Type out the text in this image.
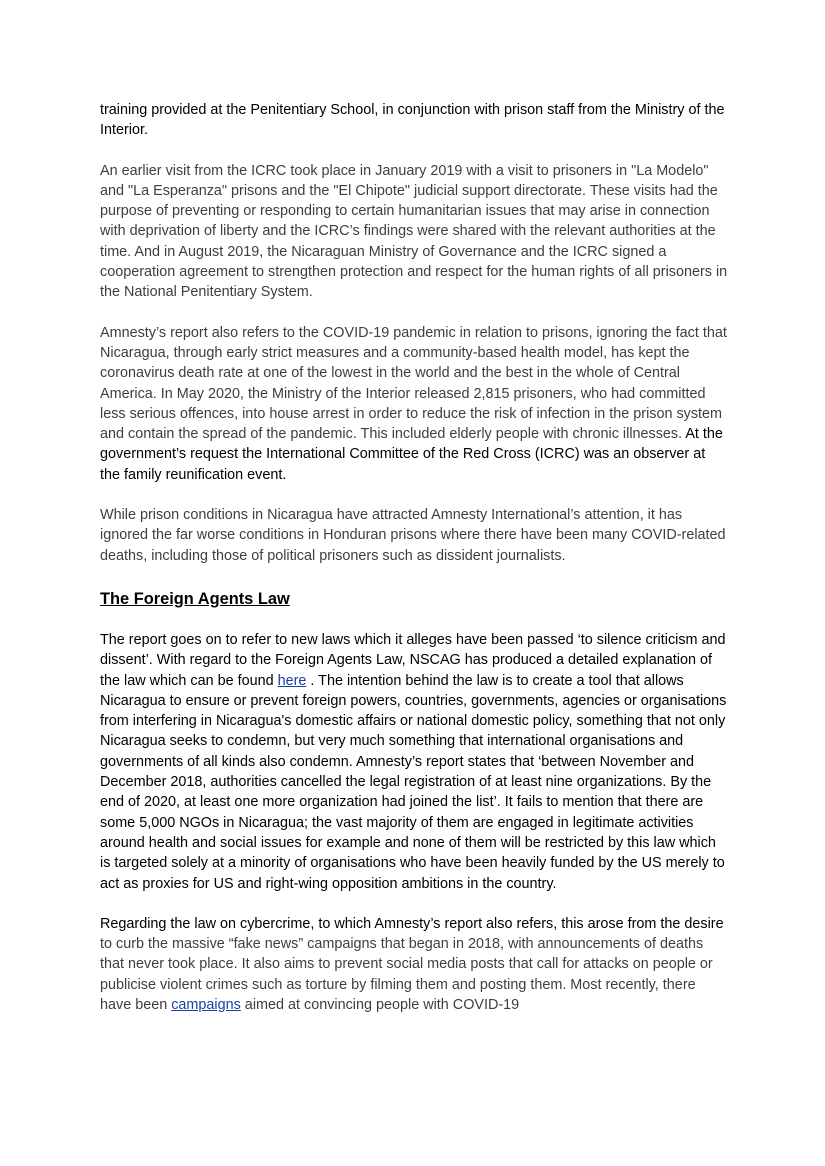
training provided at the Penitentiary School, in conjunction with prison staff from the Ministry of the Interior.

An earlier visit from the ICRC took place in January 2019 with a visit to prisoners in "La Modelo" and "La Esperanza" prisons and the "El Chipote" judicial support directorate. These visits had the purpose of preventing or responding to certain humanitarian issues that may arise in connection with deprivation of liberty and the ICRC’s findings were shared with the relevant authorities at the time. And in August 2019, the Nicaraguan Ministry of Governance and the ICRC signed a cooperation agreement to strengthen protection and respect for the human rights of all prisoners in the National Penitentiary System.

Amnesty’s report also refers to the COVID-19 pandemic in relation to prisons, ignoring the fact that Nicaragua, through early strict measures and a community-based health model, has kept the coronavirus death rate at one of the lowest in the world and the best in the whole of Central America. In May 2020, the Ministry of the Interior released 2,815 prisoners, who had committed less serious offences, into house arrest in order to reduce the risk of infection in the prison system and contain the spread of the pandemic. This included elderly people with chronic illnesses. At the government’s request the International Committee of the Red Cross (ICRC) was an observer at the family reunification event.

While prison conditions in Nicaragua have attracted Amnesty International’s attention, it has ignored the far worse conditions in Honduran prisons where there have been many COVID-related deaths, including those of political prisoners such as dissident journalists.

The Foreign Agents Law

The report goes on to refer to new laws which it alleges have been passed ‘to silence criticism and dissent’. With regard to the Foreign Agents Law, NSCAG has produced a detailed explanation of the law which can be found here . The intention behind the law is to create a tool that allows Nicaragua to ensure or prevent foreign powers, countries, governments, agencies or organisations from interfering in Nicaragua's domestic affairs or national domestic policy, something that not only Nicaragua seeks to condemn, but very much something that international organisations and governments of all kinds also condemn. Amnesty’s report states that ‘between November and December 2018, authorities cancelled the legal registration of at least nine organizations. By the end of 2020, at least one more organization had joined the list’. It fails to mention that there are some 5,000 NGOs in Nicaragua; the vast majority of them are engaged in legitimate activities around health and social issues for example and none of them will be restricted by this law which is targeted solely at a minority of organisations who have been heavily funded by the US merely to act as proxies for US and right-wing opposition ambitions in the country.

Regarding the law on cybercrime, to which Amnesty’s report also refers, this arose from the desire to curb the massive “fake news” campaigns that began in 2018, with announcements of deaths that never took place. It also aims to prevent social media posts that call for attacks on people or publicise violent crimes such as torture by filming them and posting them. Most recently, there have been campaigns aimed at convincing people with COVID-19
